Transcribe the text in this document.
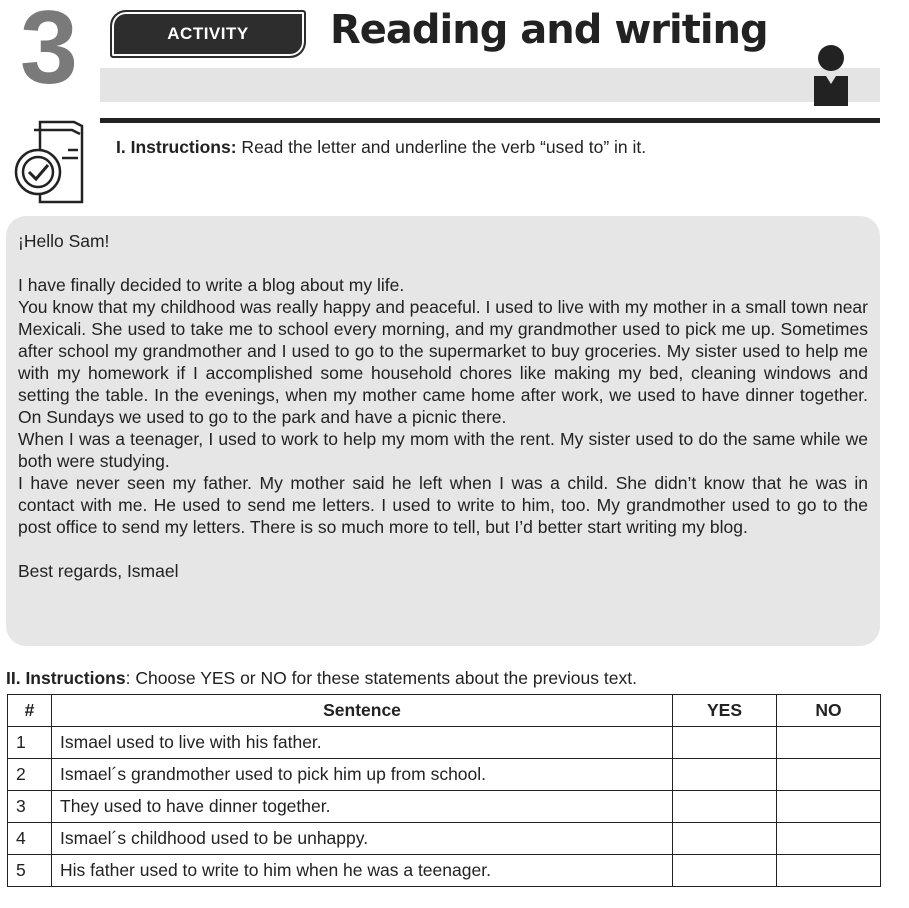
3	ACTIVITY	Reading and writing
I. Instructions: Read the letter and underline the verb “used to” in it.

¡Hello Sam!

I have finally decided to write a blog about my life.

You know that my childhood was really happy and peaceful. I used to live with my mother in a small town near Mexicali. She used to take me to school every morning, and my grandmother used to pick me up. Sometimes after school my grandmother and I used to go to the supermarket to buy groceries. My sister used to help me with my homework if I accomplished some household chores like making my bed, cleaning windows and setting the table. In the evenings, when my mother came home after work, we used to have dinner together. On Sundays we used to go to the park and have a picnic there.

When I was a teenager, I used to work to help my mom with the rent. My sister used to do the same while we both were studying.

I have never seen my father. My mother said he left when I was a child. She didn’t know that he was in contact with me. He used to send me letters. I used to write to him, too. My grandmother used to go to the post office to send my letters. There is so much more to tell, but I’d better start writing my blog.

Best regards, Ismael

II. Instructions: Choose YES or NO for these statements about the previous text.
#	Sentence	YES	NO
1	Ismael used to live with his father.		
2	Ismael´s grandmother used to pick him up from school.		
3	They used to have dinner together.		
4	Ismael´s childhood used to be unhappy.		
5	His father used to write to him when he was a teenager.		
